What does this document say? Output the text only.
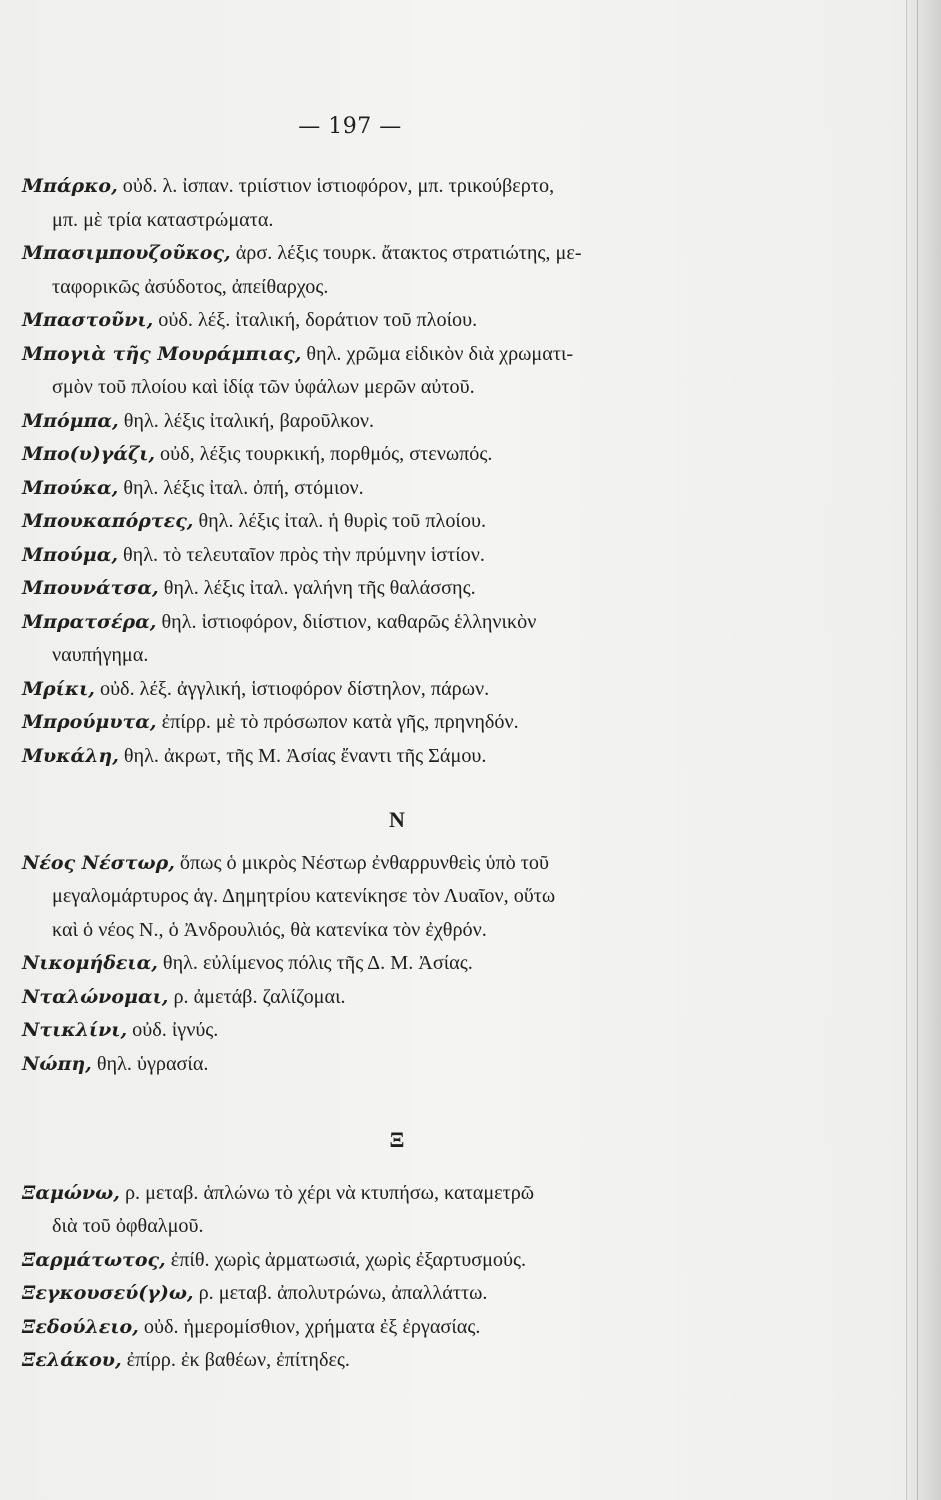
— 197 —
Μπάρκο, οὐδ. λ. ἰσπαν. τριίστιον ἱστιοφόρον, μπ. τρικούβερτο,
μπ. μὲ τρία καταστρώματα.
Μπασιμπουζοῦκος, ἀρσ. λέξις τουρκ. ἄτακτος στρατιώτης, με-
ταφορικῶς ἀσύδοτος, ἀπείθαρχος.
Μπαστοῦνι, οὐδ. λέξ. ἰταλική, δοράτιον τοῦ πλοίου.
Μπογιὰ τῆς Μουράμπιας, θηλ. χρῶμα εἰδικὸν διὰ χρωματι-
σμὸν τοῦ πλοίου καὶ ἰδίᾳ τῶν ὑφάλων μερῶν αὐτοῦ.
Μπόμπα, θηλ. λέξις ἰταλική, βαροῦλκον.
Μπο(υ)γάζι, οὐδ, λέξις τουρκική, πορθμός, στενωπός.
Μπούκα, θηλ. λέξις ἰταλ. ὀπή, στόμιον.
Μπουκαπόρτες, θηλ. λέξις ἰταλ. ἡ θυρὶς τοῦ πλοίου.
Μπούμα, θηλ. τὸ τελευταῖον πρὸς τὴν πρύμνην ἱστίον.
Μπουνάτσα, θηλ. λέξις ἰταλ. γαλήνη τῆς θαλάσσης.
Μπρατσέρα, θηλ. ἱστιοφόρον, διίστιον, καθαρῶς ἑλληνικὸν
ναυπήγημα.
Μρίκι, οὐδ. λέξ. ἀγγλική, ἱστιοφόρον δίστηλον, πάρων.
Μπρούμυτα, ἐπίρρ. μὲ τὸ πρόσωπον κατὰ γῆς, πρηνηδόν.
Μυκάλη, θηλ. ἀκρωτ, τῆς Μ. Ἀσίας ἔναντι τῆς Σάμου.
N
Νέος Νέστωρ, ὅπως ὁ μικρὸς Νέστωρ ἐνθαρρυνθεὶς ὑπὸ τοῦ
μεγαλομάρτυρος ἁγ. Δημητρίου κατενίκησε τὸν Λυαῖον, οὕτω
καὶ ὁ νέος Ν., ὁ Ἀνδρουλιός, θὰ κατενίκα τὸν ἐχθρόν.
Νικομήδεια, θηλ. εὐλίμενος πόλις τῆς Δ. Μ. Ἀσίας.
Νταλώνομαι, ρ. ἀμετάβ. ζαλίζομαι.
Ντικλίνι, οὐδ. ἰγνύς.
Νώπη, θηλ. ὑγρασία.
Ξ
Ξαμώνω, ρ. μεταβ. ἁπλώνω τὸ χέρι νὰ κτυπήσω, καταμετρῶ
διὰ τοῦ ὀφθαλμοῦ.
Ξαρμάτωτος, ἐπίθ. χωρὶς ἀρματωσιά, χωρὶς ἐξαρτυσμούς.
Ξεγκουσεύ(γ)ω, ρ. μεταβ. ἀπολυτρώνω, ἀπαλλάττω.
Ξεδούλειο, οὐδ. ἡμερομίσθιον, χρήματα ἐξ ἐργασίας.
Ξελάκου, ἐπίρρ. ἐκ βαθέων, ἐπίτηδες.
